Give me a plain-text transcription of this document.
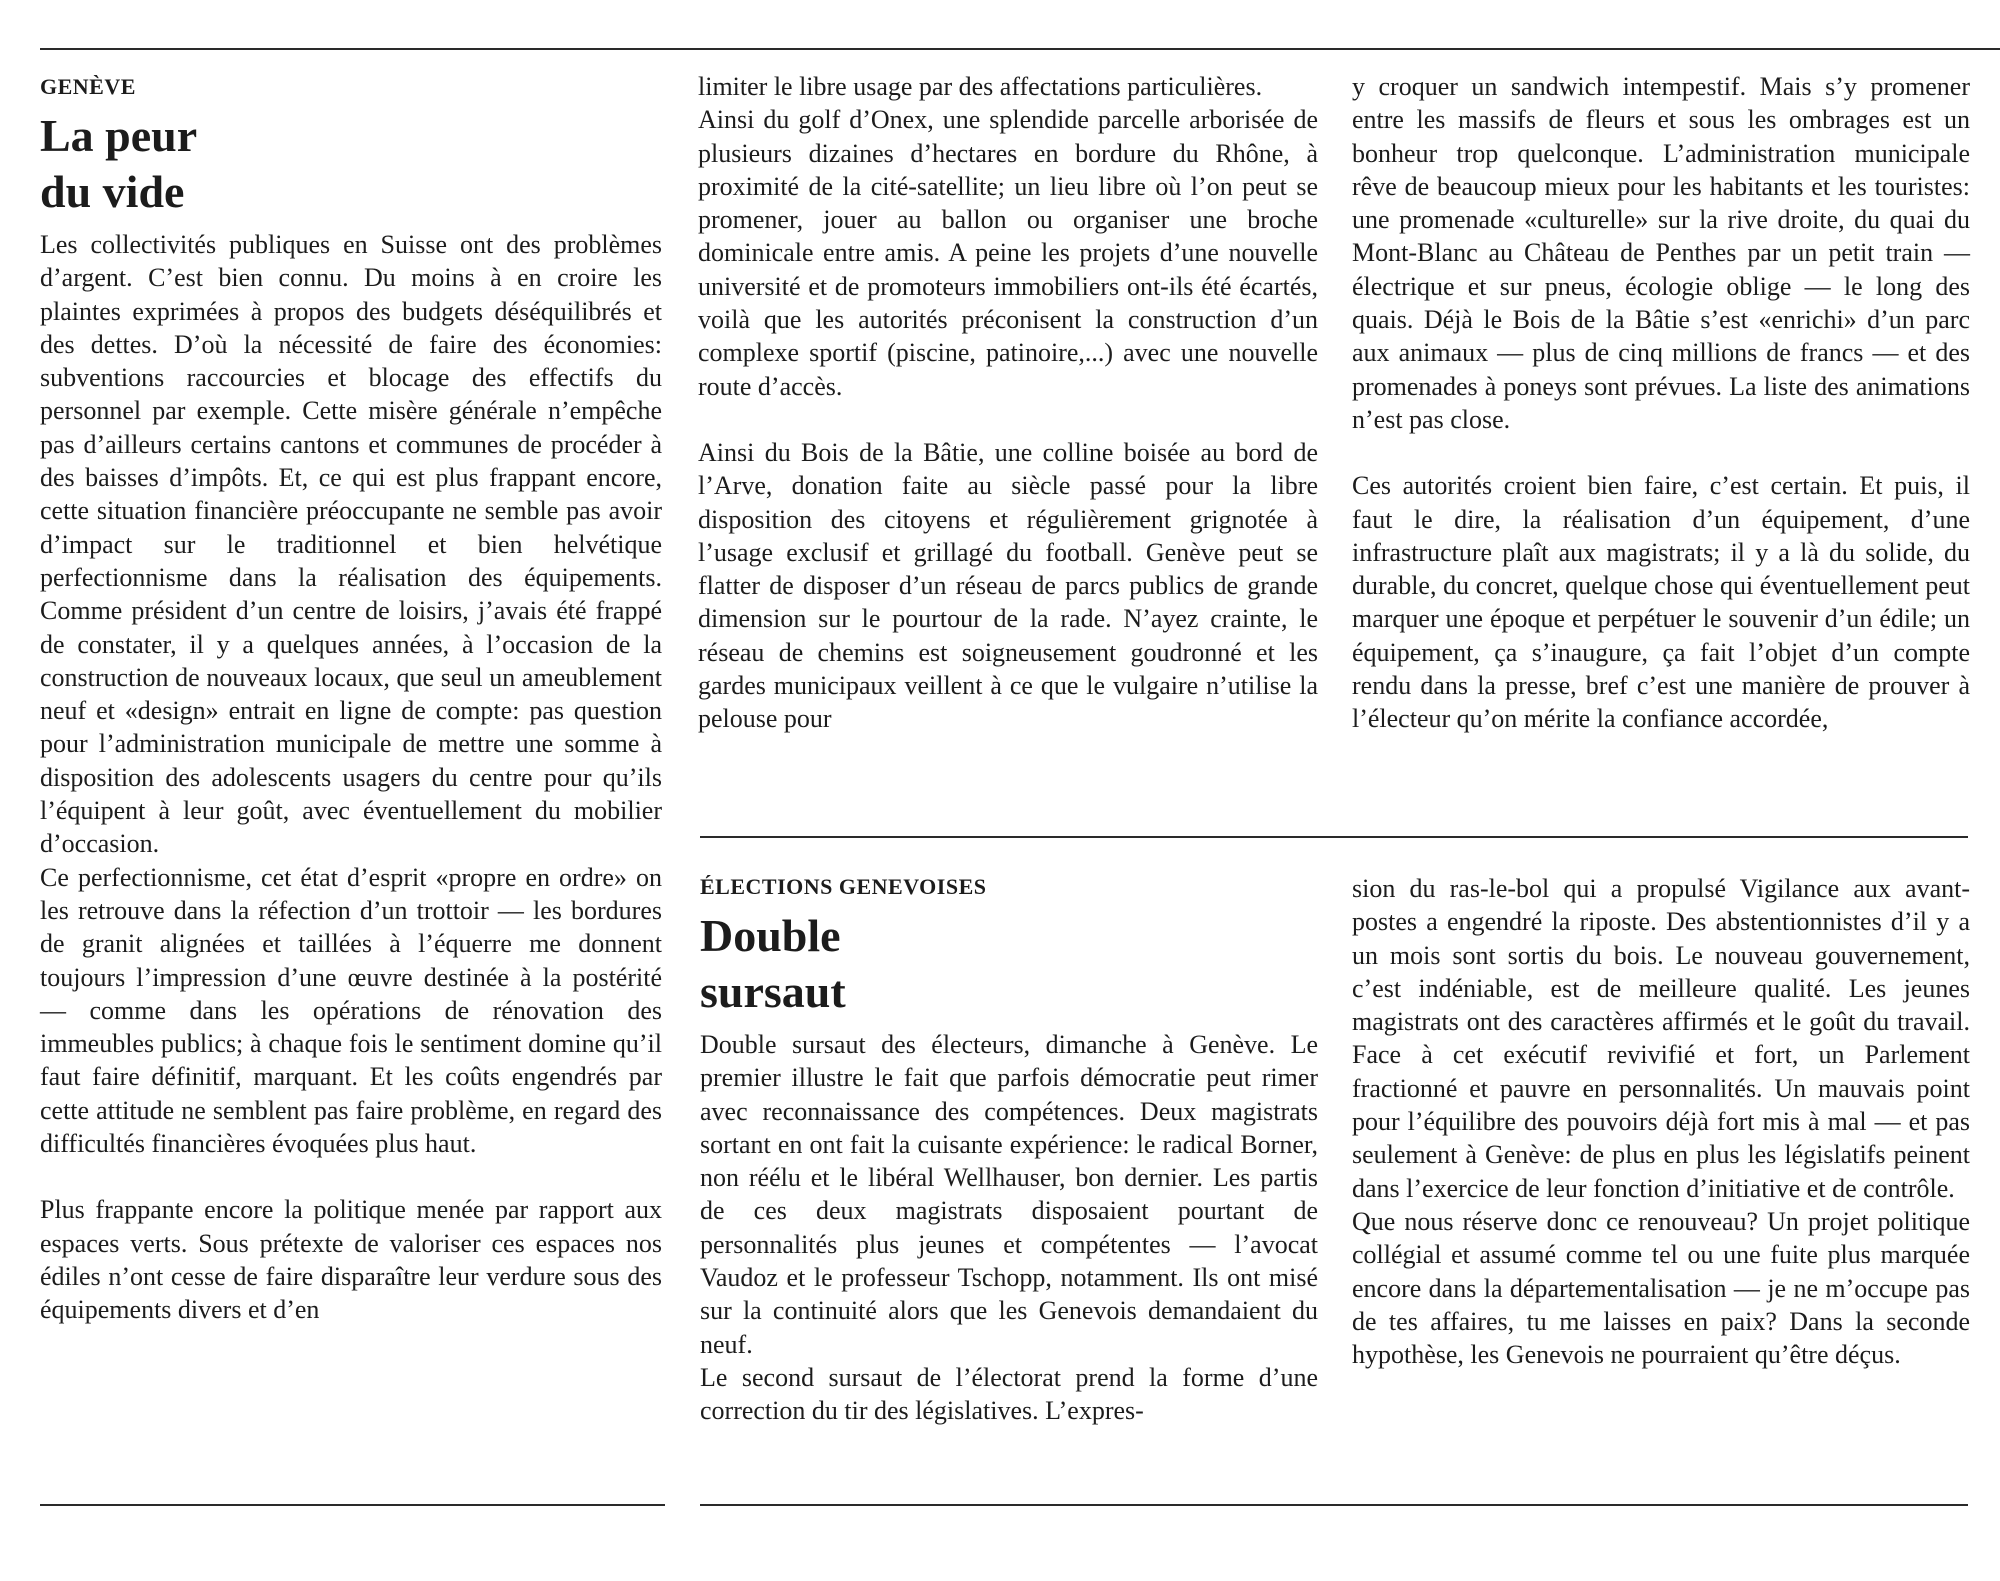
GENÈVE

La peur
du vide

Les collectivités publiques en Suisse ont des problèmes d’argent. C’est bien connu. Du moins à en croire les plaintes exprimées à propos des budgets déséquilibrés et des dettes. D’où la nécessité de faire des économies: subventions raccourcies et blocage des effectifs du personnel par exemple. Cette misère générale n’empêche pas d’ailleurs certains cantons et communes de procéder à des baisses d’impôts. Et, ce qui est plus frappant encore, cette situation financière préoccupante ne semble pas avoir d’impact sur le traditionnel et bien helvétique perfectionnisme dans la réalisation des équipements. Comme président d’un centre de loisirs, j’avais été frappé de constater, il y a quelques années, à l’occasion de la construction de nouveaux locaux, que seul un ameublement neuf et «design» entrait en ligne de compte: pas question pour l’administration municipale de mettre une somme à disposition des adolescents usagers du centre pour qu’ils l’équipent à leur goût, avec éventuellement du mobilier d’occasion.

Ce perfectionnisme, cet état d’esprit «propre en ordre» on les retrouve dans la réfection d’un trottoir — les bordures de granit alignées et taillées à l’équerre me donnent toujours l’impression d’une œuvre destinée à la postérité — comme dans les opérations de rénovation des immeubles publics; à chaque fois le sentiment domine qu’il faut faire définitif, marquant. Et les coûts engendrés par cette attitude ne semblent pas faire problème, en regard des difficultés financières évoquées plus haut.

Plus frappante encore la politique menée par rapport aux espaces verts. Sous prétexte de valoriser ces espaces nos édiles n’ont cesse de faire disparaître leur verdure sous des équipements divers et d’en

limiter le libre usage par des affectations particulières.

Ainsi du golf d’Onex, une splendide parcelle arborisée de plusieurs dizaines d’hectares en bordure du Rhône, à proximité de la cité-satellite; un lieu libre où l’on peut se promener, jouer au ballon ou organiser une broche dominicale entre amis. A peine les projets d’une nouvelle université et de promoteurs immobiliers ont-ils été écartés, voilà que les autorités préconisent la construction d’un complexe sportif (piscine, patinoire,...) avec une nouvelle route d’accès.

Ainsi du Bois de la Bâtie, une colline boisée au bord de l’Arve, donation faite au siècle passé pour la libre disposition des citoyens et régulièrement grignotée à l’usage exclusif et grillagé du football. Genève peut se flatter de disposer d’un réseau de parcs publics de grande dimension sur le pourtour de la rade. N’ayez crainte, le réseau de chemins est soigneusement goudronné et les gardes municipaux veillent à ce que le vulgaire n’utilise la pelouse pour

y croquer un sandwich intempestif. Mais s’y promener entre les massifs de fleurs et sous les ombrages est un bonheur trop quelconque. L’administration municipale rêve de beaucoup mieux pour les habitants et les touristes: une promenade «culturelle» sur la rive droite, du quai du Mont-Blanc au Château de Penthes par un petit train — électrique et sur pneus, écologie oblige — le long des quais. Déjà le Bois de la Bâtie s’est «enrichi» d’un parc aux animaux — plus de cinq millions de francs — et des promenades à poneys sont prévues. La liste des animations n’est pas close.

Ces autorités croient bien faire, c’est certain. Et puis, il faut le dire, la réalisation d’un équipement, d’une infrastructure plaît aux magistrats; il y a là du solide, du durable, du concret, quelque chose qui éventuellement peut marquer une époque et perpétuer le souvenir d’un édile; un équipement, ça s’inaugure, ça fait l’objet d’un compte rendu dans la presse, bref c’est une manière de prouver à l’électeur qu’on mérite la confiance accordée,

ÉLECTIONS GENEVOISES

Double
sursaut

Double sursaut des électeurs, dimanche à Genève. Le premier illustre le fait que parfois démocratie peut rimer avec reconnaissance des compétences. Deux magistrats sortant en ont fait la cuisante expérience: le radical Borner, non réélu et le libéral Wellhauser, bon dernier. Les partis de ces deux magistrats disposaient pourtant de personnalités plus jeunes et compétentes — l’avocat Vaudoz et le professeur Tschopp, notamment. Ils ont misé sur la continuité alors que les Genevois demandaient du neuf.

Le second sursaut de l’électorat prend la forme d’une correction du tir des législatives. L’expres-

sion du ras-le-bol qui a propulsé Vigilance aux avant-postes a engendré la riposte. Des abstentionnistes d’il y a un mois sont sortis du bois. Le nouveau gouvernement, c’est indéniable, est de meilleure qualité. Les jeunes magistrats ont des caractères affirmés et le goût du travail. Face à cet exécutif revivifié et fort, un Parlement fractionné et pauvre en personnalités. Un mauvais point pour l’équilibre des pouvoirs déjà fort mis à mal — et pas seulement à Genève: de plus en plus les législatifs peinent dans l’exercice de leur fonction d’initiative et de contrôle.

Que nous réserve donc ce renouveau? Un projet politique collégial et assumé comme tel ou une fuite plus marquée encore dans la départementalisation — je ne m’occupe pas de tes affaires, tu me laisses en paix? Dans la seconde hypothèse, les Genevois ne pourraient qu’être déçus.
